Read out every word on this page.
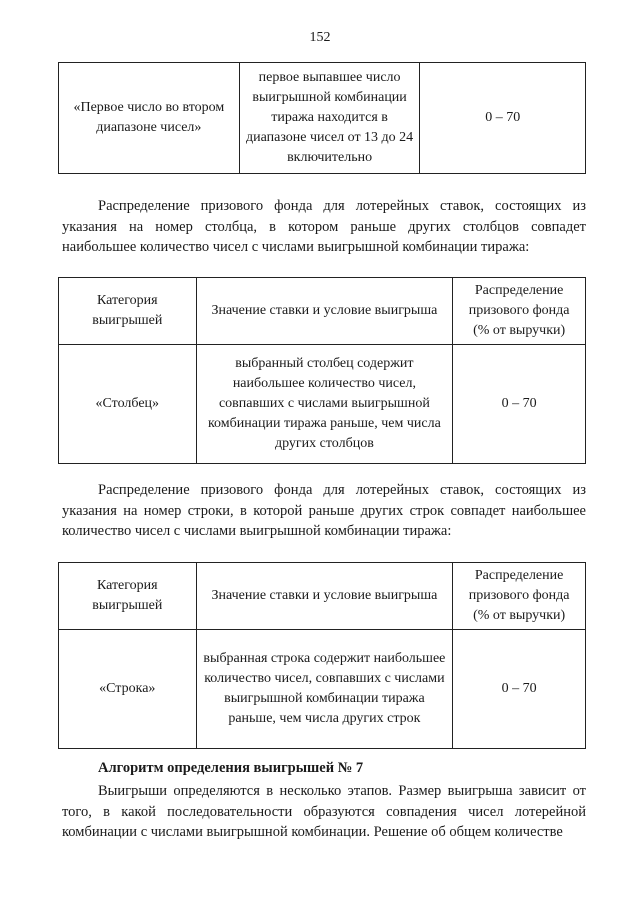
152
«Первое число во втором диапазоне чисел»	первое выпавшее число выигрышной комбинации тиража находится в диапазоне чисел от 13 до 24 включительно	0 – 70

Распределение призового фонда для лотерейных ставок, состоящих из указания на номер столбца, в котором раньше других столбцов совпадет наибольшее количество чисел с числами выигрышной комбинации тиража:

Категория выигрышей	Значение ставки и условие выигрыша	Распределение призового фонда (% от выручки)
«Столбец»	выбранный столбец содержит наибольшее количество чисел, совпавших с числами выигрышной комбинации тиража раньше, чем числа других столбцов	0 – 70

Распределение призового фонда для лотерейных ставок, состоящих из указания на номер строки, в которой раньше других строк совпадет наибольшее количество чисел с числами выигрышной комбинации тиража:

Категория выигрышей	Значение ставки и условие выигрыша	Распределение призового фонда (% от выручки)
«Строка»	выбранная строка содержит наибольшее количество чисел, совпавших с числами выигрышной комбинации тиража раньше, чем числа других строк	0 – 70

Алгоритм определения выигрышей № 7

Выигрыши определяются в несколько этапов. Размер выигрыша зависит от того, в какой последовательности образуются совпадения чисел лотерейной комбинации с числами выигрышной комбинации. Решение об общем количестве
